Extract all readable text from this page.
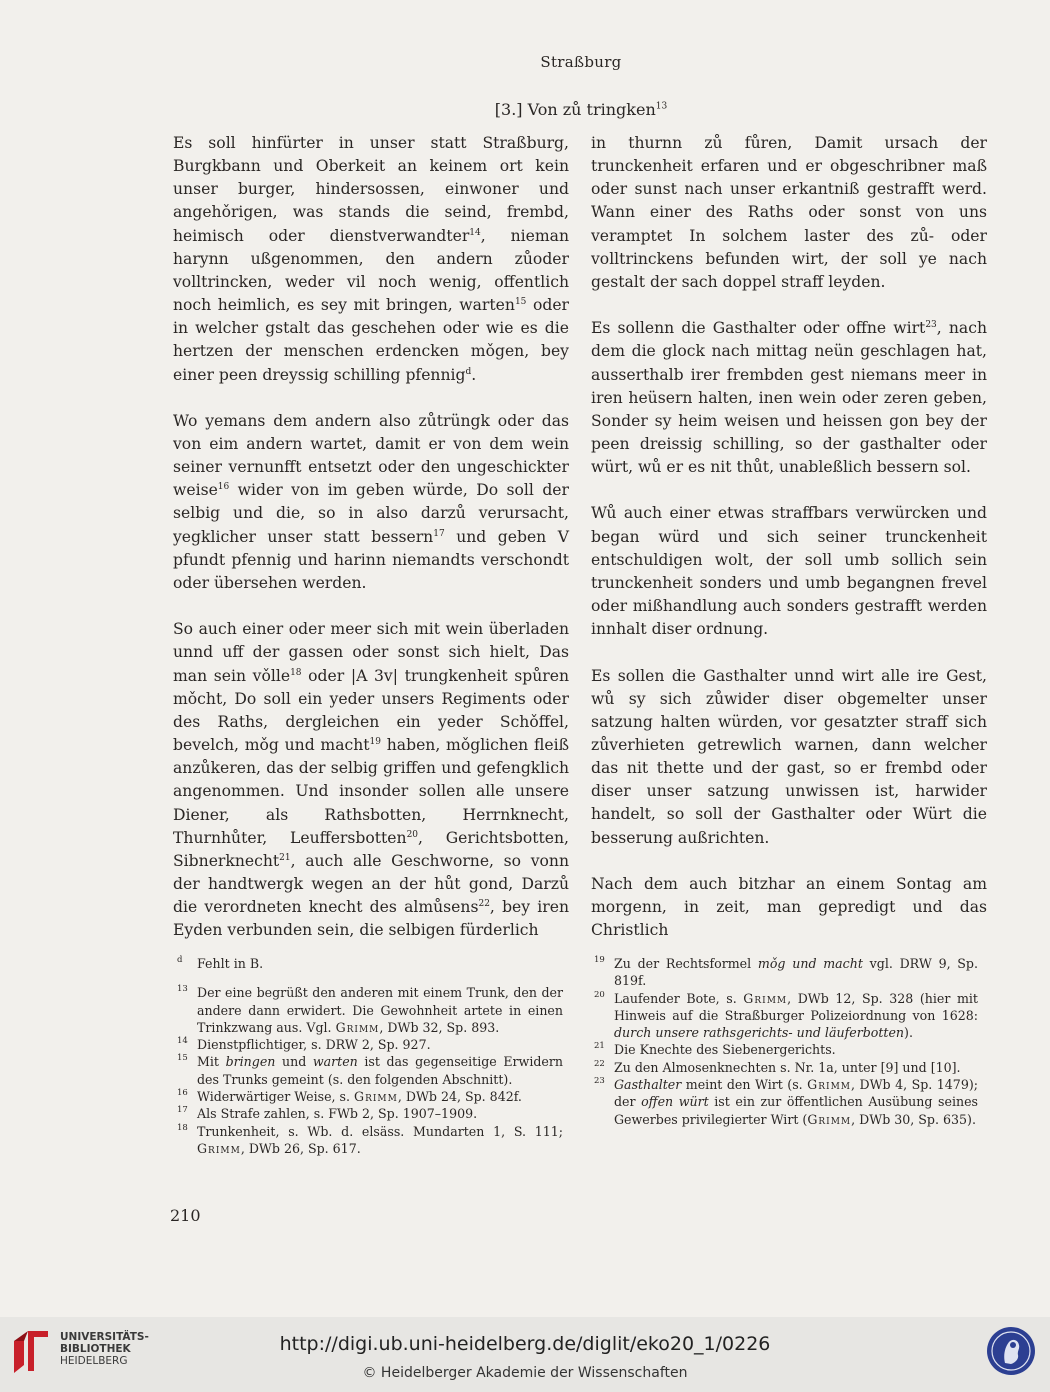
Straßburg
[3.] Von zů tringken$^{13}$

Es soll hinfürter in unser statt Straßburg, Burgkbann und Oberkeit an keinem ort kein unser burger, hindersossen, einwoner und angehǒrigen, was stands die seind, frembd, heimisch oder dienstverwandter$^{14}$, nieman harynn ußgenommen, den andern zůoder volltrincken, weder vil noch wenig, offentlich noch heimlich, es sey mit bringen, warten$^{15}$ oder in welcher gstalt das geschehen oder wie es die hertzen der menschen erdencken mǒgen, bey einer peen dreyssig schilling pfennig$^d$.

Wo yemans dem andern also zůtrüngk oder das von eim andern wartet, damit er von dem wein seiner vernunfft entsetzt oder den ungeschickter weise$^{16}$ wider von im geben würde, Do soll der selbig und die, so in also darzů verursacht, yegklicher unser statt bessern$^{17}$ und geben V pfundt pfennig und harinn niemandts verschondt oder übersehen werden.

So auch einer oder meer sich mit wein überladen unnd uff der gassen oder sonst sich hielt, Das man sein vǒlle$^{18}$ oder |A 3v| trungkenheit spůren mǒcht, Do soll ein yeder unsers Regiments oder des Raths, dergleichen ein yeder Schǒffel, bevelch, mǒg und macht$^{19}$ haben, mǒglichen fleiß anzůkeren, das der selbig griffen und gefengklich angenommen. Und insonder sollen alle unsere Diener, als Rathsbotten, Herrnknecht, Thurnhůter, Leuffersbotten$^{20}$, Gerichtsbotten, Sibnerknecht$^{21}$, auch alle Geschworne, so vonn der handtwergk wegen an der hůt gond, Darzů die verordneten knecht des almůsens$^{22}$, bey iren Eyden verbunden sein, die selbigen fürderlich

in thurnn zů fůren, Damit ursach der trunckenheit erfaren und er obgeschribner maß oder sunst nach unser erkantniß gestrafft werd. Wann einer des Raths oder sonst von uns veramptet In solchem laster des zů- oder volltrinckens befunden wirt, der soll ye nach gestalt der sach doppel straff leyden.

Es sollenn die Gasthalter oder offne wirt$^{23}$, nach dem die glock nach mittag neün geschlagen hat, ausserthalb irer frembden gest niemans meer in iren heüsern halten, inen wein oder zeren geben, Sonder sy heim weisen und heissen gon bey der peen dreissig schilling, so der gasthalter oder würt, wů er es nit thůt, unableßlich bessern sol.

Wů auch einer etwas straffbars verwürcken und began würd und sich seiner trunckenheit entschuldigen wolt, der soll umb sollich sein trunckenheit sonders und umb begangnen frevel oder mißhandlung auch sonders gestrafft werden innhalt diser ordnung.

Es sollen die Gasthalter unnd wirt alle ire Gest, wů sy sich zůwider diser obgemelter unser satzung halten würden, vor gesatzter straff sich zůverhieten getrewlich warnen, dann welcher das nit thette und der gast, so er frembd oder diser unser satzung unwissen ist, harwider handelt, so soll der Gasthalter oder Würt die besserung außrichten.

Nach dem auch bitzhar an einem Sontag am morgenn, in zeit, man gepredigt und das Christlich

d Fehlt in B.
13 Der eine begrüßt den anderen mit einem Trunk, den der andere dann erwidert. Die Gewohnheit artete in einen Trinkzwang aus. Vgl. Grimm, DWb 32, Sp. 893.
14 Dienstpflichtiger, s. DRW 2, Sp. 927.
15 Mit bringen und warten ist das gegenseitige Erwidern des Trunks gemeint (s. den folgenden Abschnitt).
16 Widerwärtiger Weise, s. Grimm, DWb 24, Sp. 842f.
17 Als Strafe zahlen, s. FWb 2, Sp. 1907–1909.
18 Trunkenheit, s. Wb. d. elsäss. Mundarten 1, S. 111; Grimm, DWb 26, Sp. 617.
19 Zu der Rechtsformel mǒg und macht vgl. DRW 9, Sp. 819f.
20 Laufender Bote, s. Grimm, DWb 12, Sp. 328 (hier mit Hinweis auf die Straßburger Polizeiordnung von 1628: durch unsere rathsgerichts- und läuferbotten).
21 Die Knechte des Siebenergerichts.
22 Zu den Almosenknechten s. Nr. 1a, unter [9] und [10].
23 Gasthalter meint den Wirt (s. Grimm, DWb 4, Sp. 1479); der offen würt ist ein zur öffentlichen Ausübung seines Gewerbes privilegierter Wirt (Grimm, DWb 30, Sp. 635).
210
UNIVERSITÄTS-
BIBLIOTHEK
HEIDELBERG
http://digi.ub.uni-heidelberg.de/diglit/eko20_1/0226
© Heidelberger Akademie der Wissenschaften
